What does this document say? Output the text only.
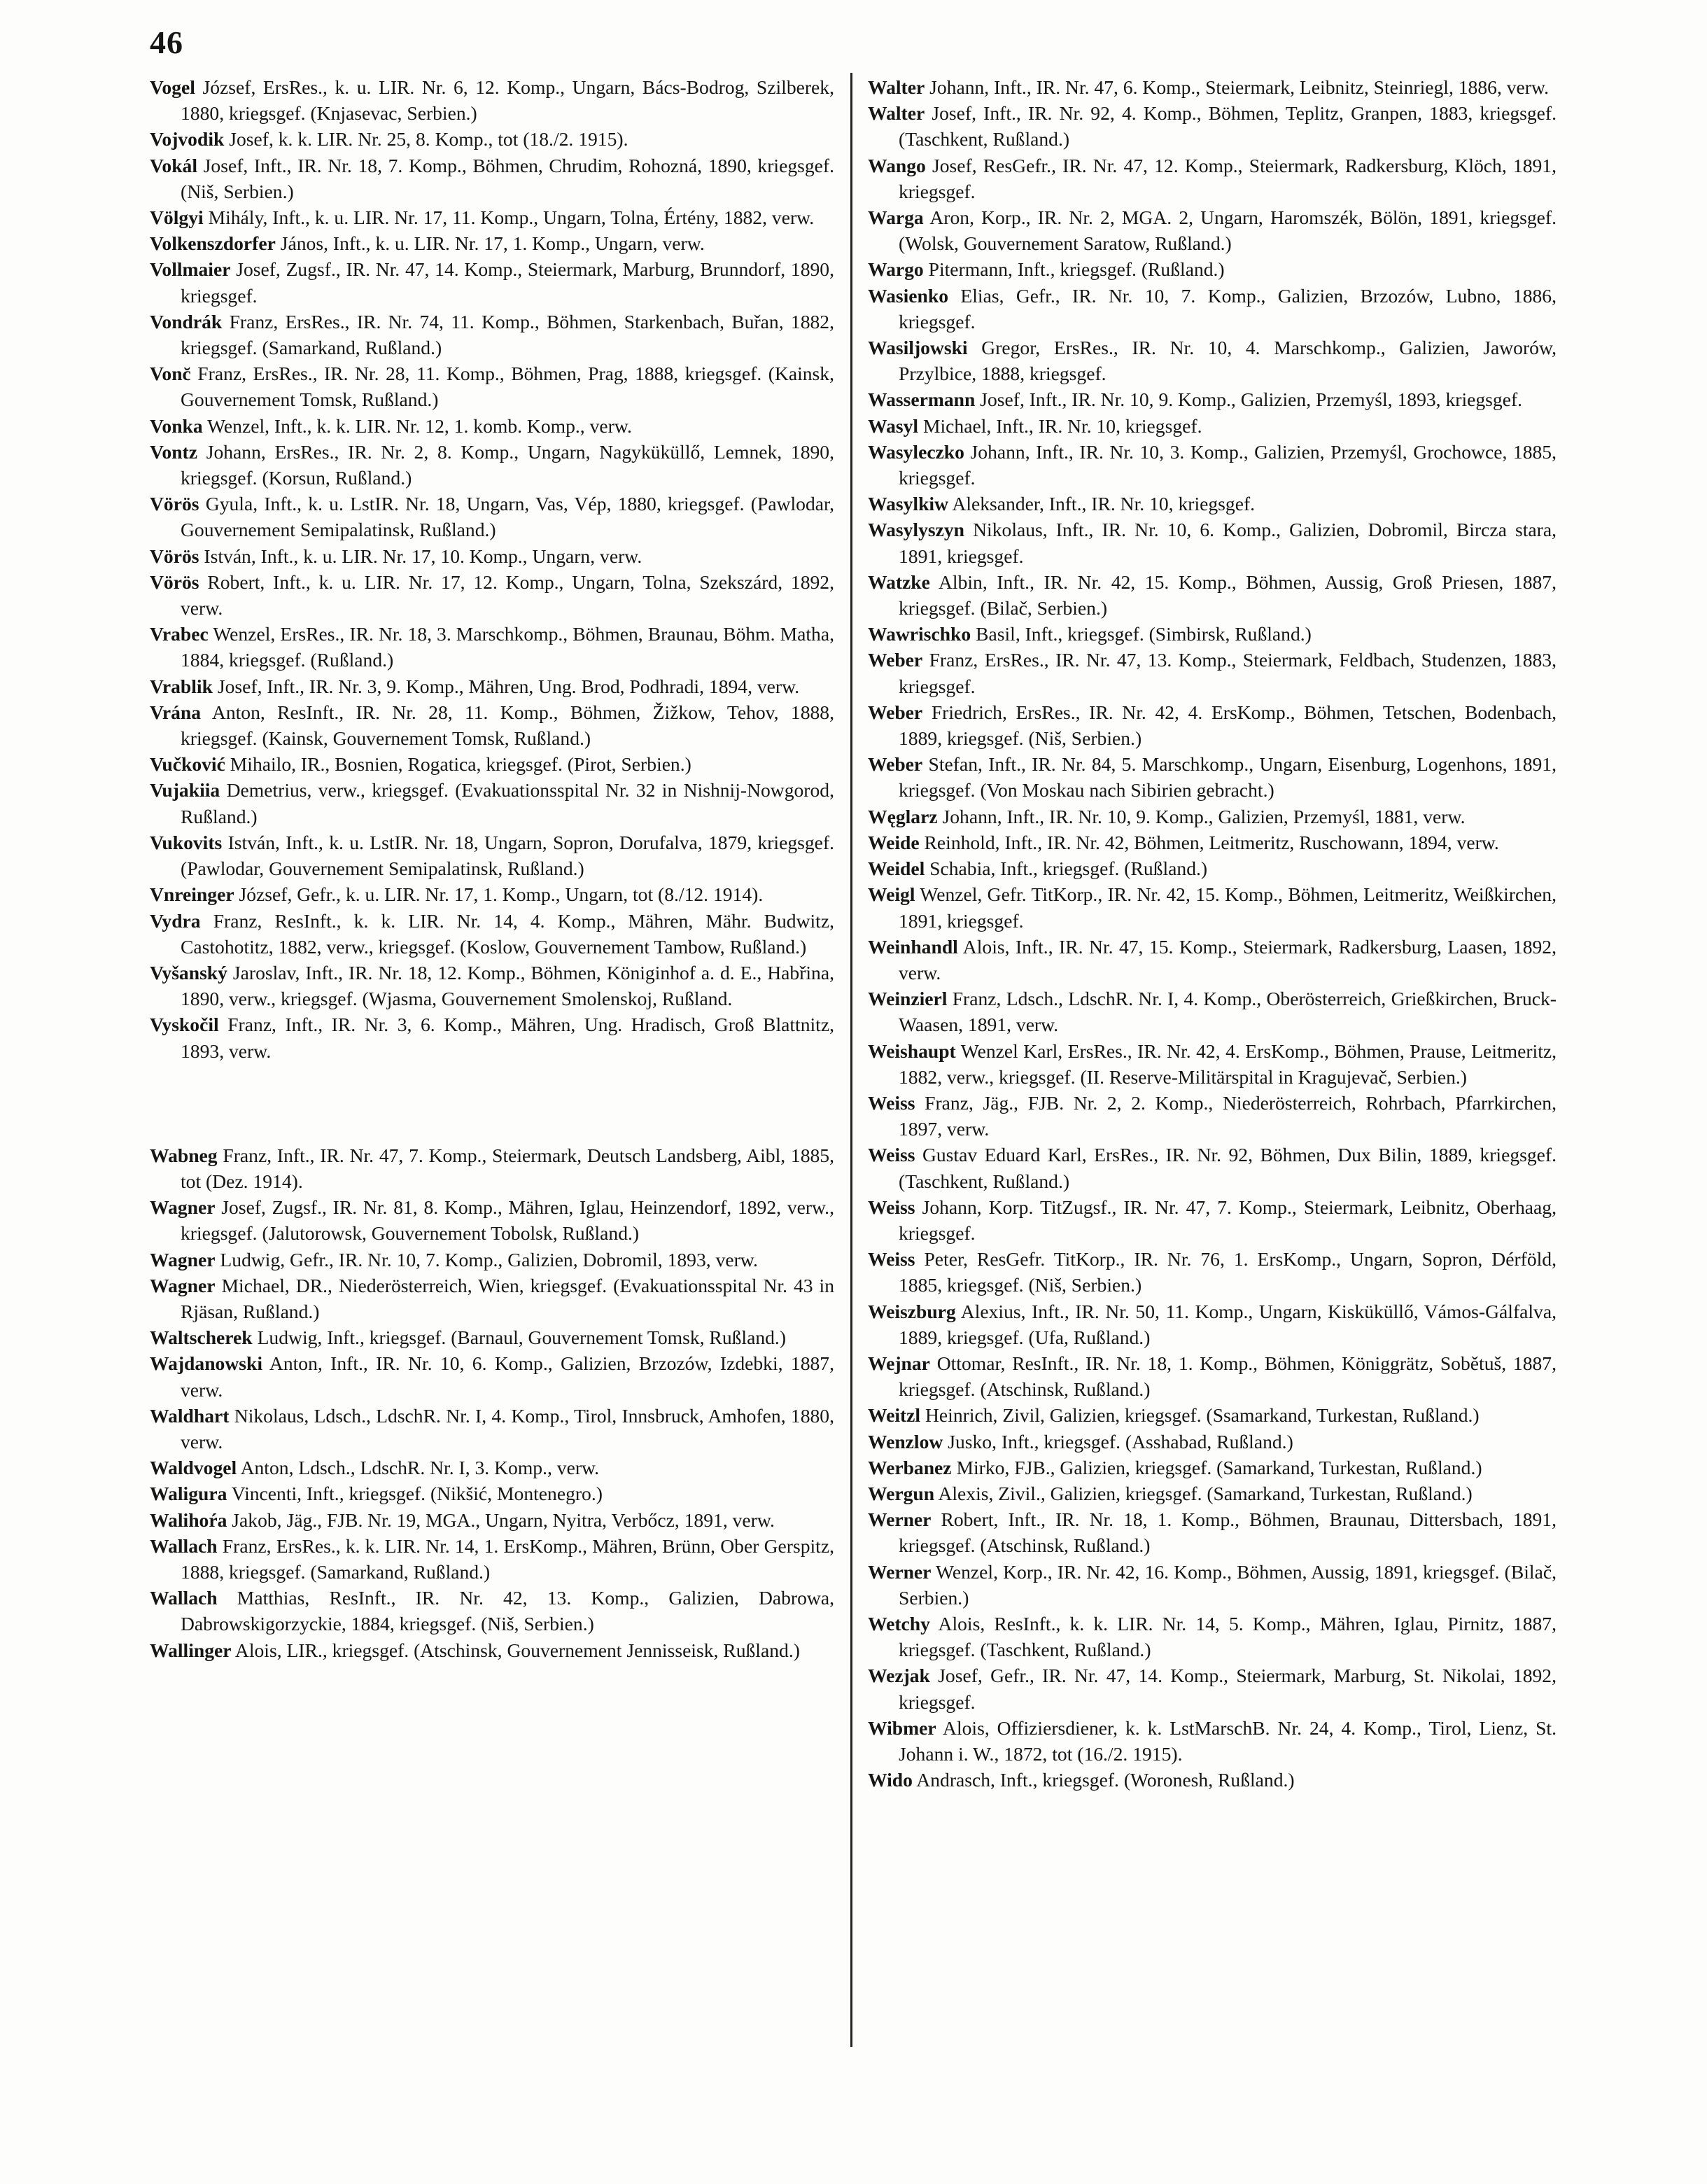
46

Vogel József, ErsRes., k. u. LIR. Nr. 6, 12. Komp., Ungarn, Bács-Bodrog, Szilberek, 1880, kriegsgef. (Knjasevac, Serbien.)

Vojvodik Josef, k. k. LIR. Nr. 25, 8. Komp., tot (18./2. 1915).

Vokál Josef, Inft., IR. Nr. 18, 7. Komp., Böhmen, Chrudim, Rohozná, 1890, kriegsgef. (Niš, Serbien.)

Völgyi Mihály, Inft., k. u. LIR. Nr. 17, 11. Komp., Ungarn, Tolna, Értény, 1882, verw.

Volkenszdorfer János, Inft., k. u. LIR. Nr. 17, 1. Komp., Ungarn, verw.

Vollmaier Josef, Zugsf., IR. Nr. 47, 14. Komp., Steiermark, Marburg, Brunndorf, 1890, kriegsgef.

Vondrák Franz, ErsRes., IR. Nr. 74, 11. Komp., Böhmen, Starkenbach, Buřan, 1882, kriegsgef. (Samarkand, Rußland.)

Vonc̆ Franz, ErsRes., IR. Nr. 28, 11. Komp., Böhmen, Prag, 1888, kriegsgef. (Kainsk, Gouvernement Tomsk, Rußland.)

Vonka Wenzel, Inft., k. k. LIR. Nr. 12, 1. komb. Komp., verw.

Vontz Johann, ErsRes., IR. Nr. 2, 8. Komp., Ungarn, Nagyküküllő, Lemnek, 1890, kriegsgef. (Korsun, Rußland.)

Vörös Gyula, Inft., k. u. LstIR. Nr. 18, Ungarn, Vas, Vép, 1880, kriegsgef. (Pawlodar, Gouvernement Semipalatinsk, Rußland.)

Vörös István, Inft., k. u. LIR. Nr. 17, 10. Komp., Ungarn, verw.

Vörös Robert, Inft., k. u. LIR. Nr. 17, 12. Komp., Ungarn, Tolna, Szekszárd, 1892, verw.

Vrabec Wenzel, ErsRes., IR. Nr. 18, 3. Marschkomp., Böhmen, Braunau, Böhm. Matha, 1884, kriegsgef. (Rußland.)

Vrablik Josef, Inft., IR. Nr. 3, 9. Komp., Mähren, Ung. Brod, Podhradi, 1894, verw.

Vrána Anton, ResInft., IR. Nr. 28, 11. Komp., Böhmen, Žižkow, Tehov, 1888, kriegsgef. (Kainsk, Gouvernement Tomsk, Rußland.)

Vučković Mihailo, IR., Bosnien, Rogatica, kriegsgef. (Pirot, Serbien.)

Vujakiia Demetrius, verw., kriegsgef. (Evakuationsspital Nr. 32 in Nishnij-Nowgorod, Rußland.)

Vukovits István, Inft., k. u. LstIR. Nr. 18, Ungarn, Sopron, Dorufalva, 1879, kriegsgef. (Pawlodar, Gouvernement Semipalatinsk, Rußland.)

Vnreinger József, Gefr., k. u. LIR. Nr. 17, 1. Komp., Ungarn, tot (8./12. 1914).

Vydra Franz, ResInft., k. k. LIR. Nr. 14, 4. Komp., Mähren, Mähr. Budwitz, Castohotitz, 1882, verw., kriegsgef. (Koslow, Gouvernement Tambow, Rußland.)

Vyšanský Jaroslav, Inft., IR. Nr. 18, 12. Komp., Böhmen, Königinhof a. d. E., Habřina, 1890, verw., kriegsgef. (Wjasma, Gouvernement Smolenskoj, Rußland.

Vyskočil Franz, Inft., IR. Nr. 3, 6. Komp., Mähren, Ung. Hradisch, Groß Blattnitz, 1893, verw.

Wabneg Franz, Inft., IR. Nr. 47, 7. Komp., Steiermark, Deutsch Landsberg, Aibl, 1885, tot (Dez. 1914).

Wagner Josef, Zugsf., IR. Nr. 81, 8. Komp., Mähren, Iglau, Heinzendorf, 1892, verw., kriegsgef. (Jalutorowsk, Gouvernement Tobolsk, Rußland.)

Wagner Ludwig, Gefr., IR. Nr. 10, 7. Komp., Galizien, Dobromil, 1893, verw.

Wagner Michael, DR., Niederösterreich, Wien, kriegsgef. (Evakuationsspital Nr. 43 in Rjäsan, Rußland.)

Waltscherek Ludwig, Inft., kriegsgef. (Barnaul, Gouvernement Tomsk, Rußland.)

Wajdanowski Anton, Inft., IR. Nr. 10, 6. Komp., Galizien, Brzozów, Izdebki, 1887, verw.

Waldhart Nikolaus, Ldsch., LdschR. Nr. I, 4. Komp., Tirol, Innsbruck, Amhofen, 1880, verw.

Waldvogel Anton, Ldsch., LdschR. Nr. I, 3. Komp., verw.

Waligura Vincenti, Inft., kriegsgef. (Nikšić, Montenegro.)

Walihoŕa Jakob, Jäg., FJB. Nr. 19, MGA., Ungarn, Nyitra, Verbőcz, 1891, verw.

Wallach Franz, ErsRes., k. k. LIR. Nr. 14, 1. ErsKomp., Mähren, Brünn, Ober Gerspitz, 1888, kriegsgef. (Samarkand, Rußland.)

Wallach Matthias, ResInft., IR. Nr. 42, 13. Komp., Galizien, Dabrowa, Dabrowskigorzyckie, 1884, kriegsgef. (Niš, Serbien.)

Wallinger Alois, LIR., kriegsgef. (Atschinsk, Gouvernement Jennisseisk, Rußland.)

Walter Johann, Inft., IR. Nr. 47, 6. Komp., Steiermark, Leibnitz, Steinriegl, 1886, verw.

Walter Josef, Inft., IR. Nr. 92, 4. Komp., Böhmen, Teplitz, Granpen, 1883, kriegsgef. (Taschkent, Rußland.)

Wango Josef, ResGefr., IR. Nr. 47, 12. Komp., Steiermark, Radkersburg, Klöch, 1891, kriegsgef.

Warga Aron, Korp., IR. Nr. 2, MGA. 2, Ungarn, Haromszék, Bölön, 1891, kriegsgef. (Wolsk, Gouvernement Saratow, Rußland.)

Wargo Pitermann, Inft., kriegsgef. (Rußland.)

Wasienko Elias, Gefr., IR. Nr. 10, 7. Komp., Galizien, Brzozów, Lubno, 1886, kriegsgef.

Wasiljowski Gregor, ErsRes., IR. Nr. 10, 4. Marschkomp., Galizien, Jaworów, Przylbice, 1888, kriegsgef.

Wassermann Josef, Inft., IR. Nr. 10, 9. Komp., Galizien, Przemyśl, 1893, kriegsgef.

Wasyl Michael, Inft., IR. Nr. 10, kriegsgef.

Wasyleczko Johann, Inft., IR. Nr. 10, 3. Komp., Galizien, Przemyśl, Grochowce, 1885, kriegsgef.

Wasylkiw Aleksander, Inft., IR. Nr. 10, kriegsgef.

Wasylyszyn Nikolaus, Inft., IR. Nr. 10, 6. Komp., Galizien, Dobromil, Bircza stara, 1891, kriegsgef.

Watzke Albin, Inft., IR. Nr. 42, 15. Komp., Böhmen, Aussig, Groß Priesen, 1887, kriegsgef. (Bilač, Serbien.)

Wawrischko Basil, Inft., kriegsgef. (Simbirsk, Rußland.)

Weber Franz, ErsRes., IR. Nr. 47, 13. Komp., Steiermark, Feldbach, Studenzen, 1883, kriegsgef.

Weber Friedrich, ErsRes., IR. Nr. 42, 4. ErsKomp., Böhmen, Tetschen, Bodenbach, 1889, kriegsgef. (Niš, Serbien.)

Weber Stefan, Inft., IR. Nr. 84, 5. Marschkomp., Ungarn, Eisenburg, Logenhons, 1891, kriegsgef. (Von Moskau nach Sibirien gebracht.)

Węglarz Johann, Inft., IR. Nr. 10, 9. Komp., Galizien, Przemyśl, 1881, verw.

Weide Reinhold, Inft., IR. Nr. 42, Böhmen, Leitmeritz, Ruschowann, 1894, verw.

Weidel Schabia, Inft., kriegsgef. (Rußland.)

Weigl Wenzel, Gefr. TitKorp., IR. Nr. 42, 15. Komp., Böhmen, Leitmeritz, Weißkirchen, 1891, kriegsgef.

Weinhandl Alois, Inft., IR. Nr. 47, 15. Komp., Steiermark, Radkersburg, Laasen, 1892, verw.

Weinzierl Franz, Ldsch., LdschR. Nr. I, 4. Komp., Oberösterreich, Grießkirchen, Bruck-Waasen, 1891, verw.

Weishaupt Wenzel Karl, ErsRes., IR. Nr. 42, 4. ErsKomp., Böhmen, Prause, Leitmeritz, 1882, verw., kriegsgef. (II. Reserve-Militärspital in Kragujevač, Serbien.)

Weiss Franz, Jäg., FJB. Nr. 2, 2. Komp., Niederösterreich, Rohrbach, Pfarrkirchen, 1897, verw.

Weiss Gustav Eduard Karl, ErsRes., IR. Nr. 92, Böhmen, Dux Bilin, 1889, kriegsgef. (Taschkent, Rußland.)

Weiss Johann, Korp. TitZugsf., IR. Nr. 47, 7. Komp., Steiermark, Leibnitz, Oberhaag, kriegsgef.

Weiss Peter, ResGefr. TitKorp., IR. Nr. 76, 1. ErsKomp., Ungarn, Sopron, Dérföld, 1885, kriegsgef. (Niš, Serbien.)

Weiszburg Alexius, Inft., IR. Nr. 50, 11. Komp., Ungarn, Kisküküllő, Vámos-Gálfalva, 1889, kriegsgef. (Ufa, Rußland.)

Wejnar Ottomar, ResInft., IR. Nr. 18, 1. Komp., Böhmen, Königgrätz, Sobětuš, 1887, kriegsgef. (Atschinsk, Rußland.)

Weitzl Heinrich, Zivil, Galizien, kriegsgef. (Ssamarkand, Turkestan, Rußland.)

Wenzlow Jusko, Inft., kriegsgef. (Asshabad, Rußland.)

Werbanez Mirko, FJB., Galizien, kriegsgef. (Samarkand, Turkestan, Rußland.)

Wergun Alexis, Zivil., Galizien, kriegsgef. (Samarkand, Turkestan, Rußland.)

Werner Robert, Inft., IR. Nr. 18, 1. Komp., Böhmen, Braunau, Dittersbach, 1891, kriegsgef. (Atschinsk, Rußland.)

Werner Wenzel, Korp., IR. Nr. 42, 16. Komp., Böhmen, Aussig, 1891, kriegsgef. (Bilač, Serbien.)

Wetchy Alois, ResInft., k. k. LIR. Nr. 14, 5. Komp., Mähren, Iglau, Pirnitz, 1887, kriegsgef. (Taschkent, Rußland.)

Wezjak Josef, Gefr., IR. Nr. 47, 14. Komp., Steiermark, Marburg, St. Nikolai, 1892, kriegsgef.

Wibmer Alois, Offiziersdiener, k. k. LstMarschB. Nr. 24, 4. Komp., Tirol, Lienz, St. Johann i. W., 1872, tot (16./2. 1915).

Wido Andrasch, Inft., kriegsgef. (Woronesh, Rußland.)
